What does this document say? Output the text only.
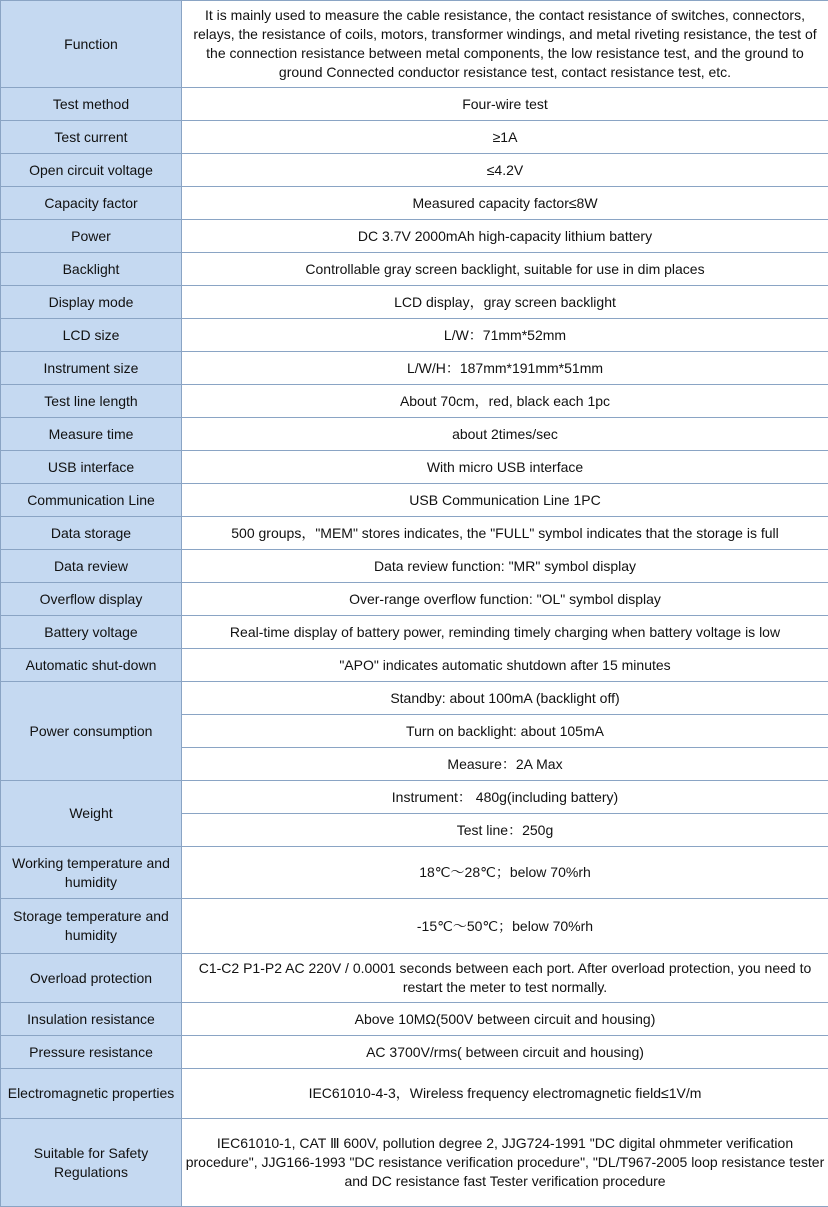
Function	It is mainly used to measure the cable resistance, the contact resistance of switches, connectors, relays, the resistance of coils, motors, transformer windings, and metal riveting resistance, the test of the connection resistance between metal components, the low resistance test, and the ground to ground Connected conductor resistance test, contact resistance test, etc.
Test method	Four-wire test
Test current	≥1A
Open circuit voltage	≤4.2V
Capacity factor	Measured capacity factor≤8W
Power	DC 3.7V 2000mAh high-capacity lithium battery
Backlight	Controllable gray screen backlight, suitable for use in dim places
Display mode	LCD display，gray screen backlight
LCD size	L/W：71mm*52mm
Instrument size	L/W/H：187mm*191mm*51mm
Test line length	About 70cm，red, black each 1pc
Measure time	about 2times/sec
USB interface	With micro USB interface
Communication Line	USB Communication Line 1PC
Data storage	500 groups，"MEM" stores indicates, the "FULL" symbol indicates that the storage is full
Data review	Data review function: "MR" symbol display
Overflow display	Over-range overflow function: "OL" symbol display
Battery voltage	Real-time display of battery power, reminding timely charging when battery voltage is low
Automatic shut-down	"APO" indicates automatic shutdown after 15 minutes
Power consumption	Standby: about 100mA (backlight off)
	Turn on backlight: about 105mA
	Measure：2A Max
Weight	Instrument： 480g(including battery)
	Test line：250g
Working temperature and humidity	18℃～28℃；below 70%rh
Storage temperature and humidity	-15℃～50℃；below 70%rh
Overload protection	C1-C2 P1-P2 AC 220V / 0.0001 seconds between each port. After overload protection, you need to restart the meter to test normally.
Insulation resistance	Above 10MΩ(500V between circuit and housing)
Pressure resistance	AC 3700V/rms( between circuit and housing)
Electromagnetic properties	IEC61010-4-3，Wireless frequency electromagnetic field≤1V/m
Suitable for Safety Regulations	IEC61010-1, CAT Ⅲ 600V, pollution degree 2, JJG724-1991 "DC digital ohmmeter verification procedure", JJG166-1993 "DC resistance verification procedure", "DL/T967-2005 loop resistance tester and DC resistance fast Tester verification procedure
